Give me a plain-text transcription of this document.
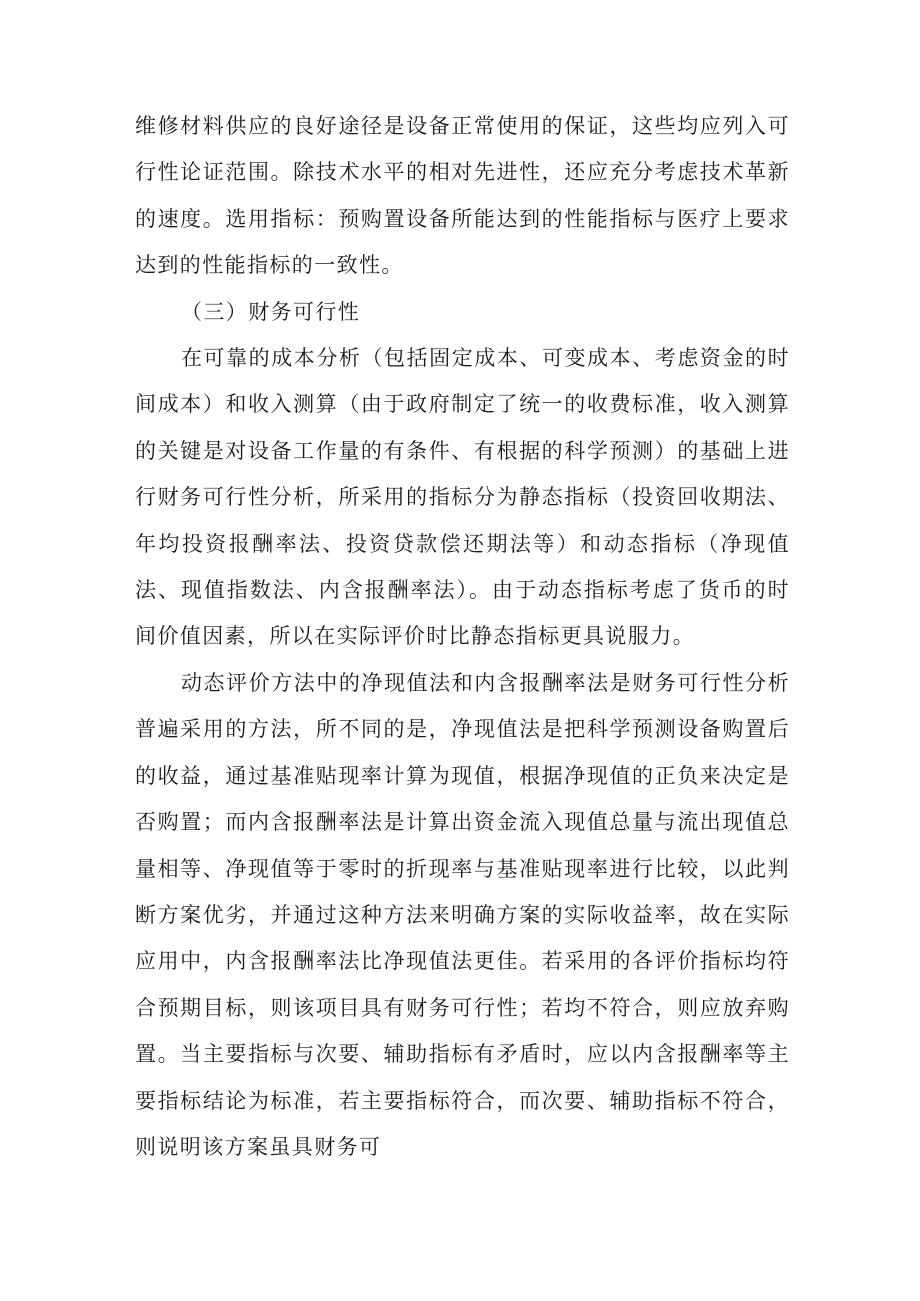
维修材料供应的良好途径是设备正常使用的保证，这些均应列入可行性论证范围。除技术水平的相对先进性，还应充分考虑技术革新的速度。选用指标：预购置设备所能达到的性能指标与医疗上要求达到的性能指标的一致性。

（三）财务可行性

在可靠的成本分析（包括固定成本、可变成本、考虑资金的时间成本）和收入测算（由于政府制定了统一的收费标准，收入测算的关键是对设备工作量的有条件、有根据的科学预测）的基础上进行财务可行性分析，所采用的指标分为静态指标（投资回收期法、年均投资报酬率法、投资贷款偿还期法等）和动态指标（净现值法、现值指数法、内含报酬率法）。由于动态指标考虑了货币的时间价值因素，所以在实际评价时比静态指标更具说服力。

动态评价方法中的净现值法和内含报酬率法是财务可行性分析普遍采用的方法，所不同的是，净现值法是把科学预测设备购置后的收益，通过基准贴现率计算为现值，根据净现值的正负来决定是否购置；而内含报酬率法是计算出资金流入现值总量与流出现值总量相等、净现值等于零时的折现率与基准贴现率进行比较，以此判断方案优劣，并通过这种方法来明确方案的实际收益率，故在实际应用中，内含报酬率法比净现值法更佳。若采用的各评价指标均符合预期目标，则该项目具有财务可行性；若均不符合，则应放弃购置。当主要指标与次要、辅助指标有矛盾时，应以内含报酬率等主要指标结论为标准，若主要指标符合，而次要、辅助指标不符合，则说明该方案虽具财务可
